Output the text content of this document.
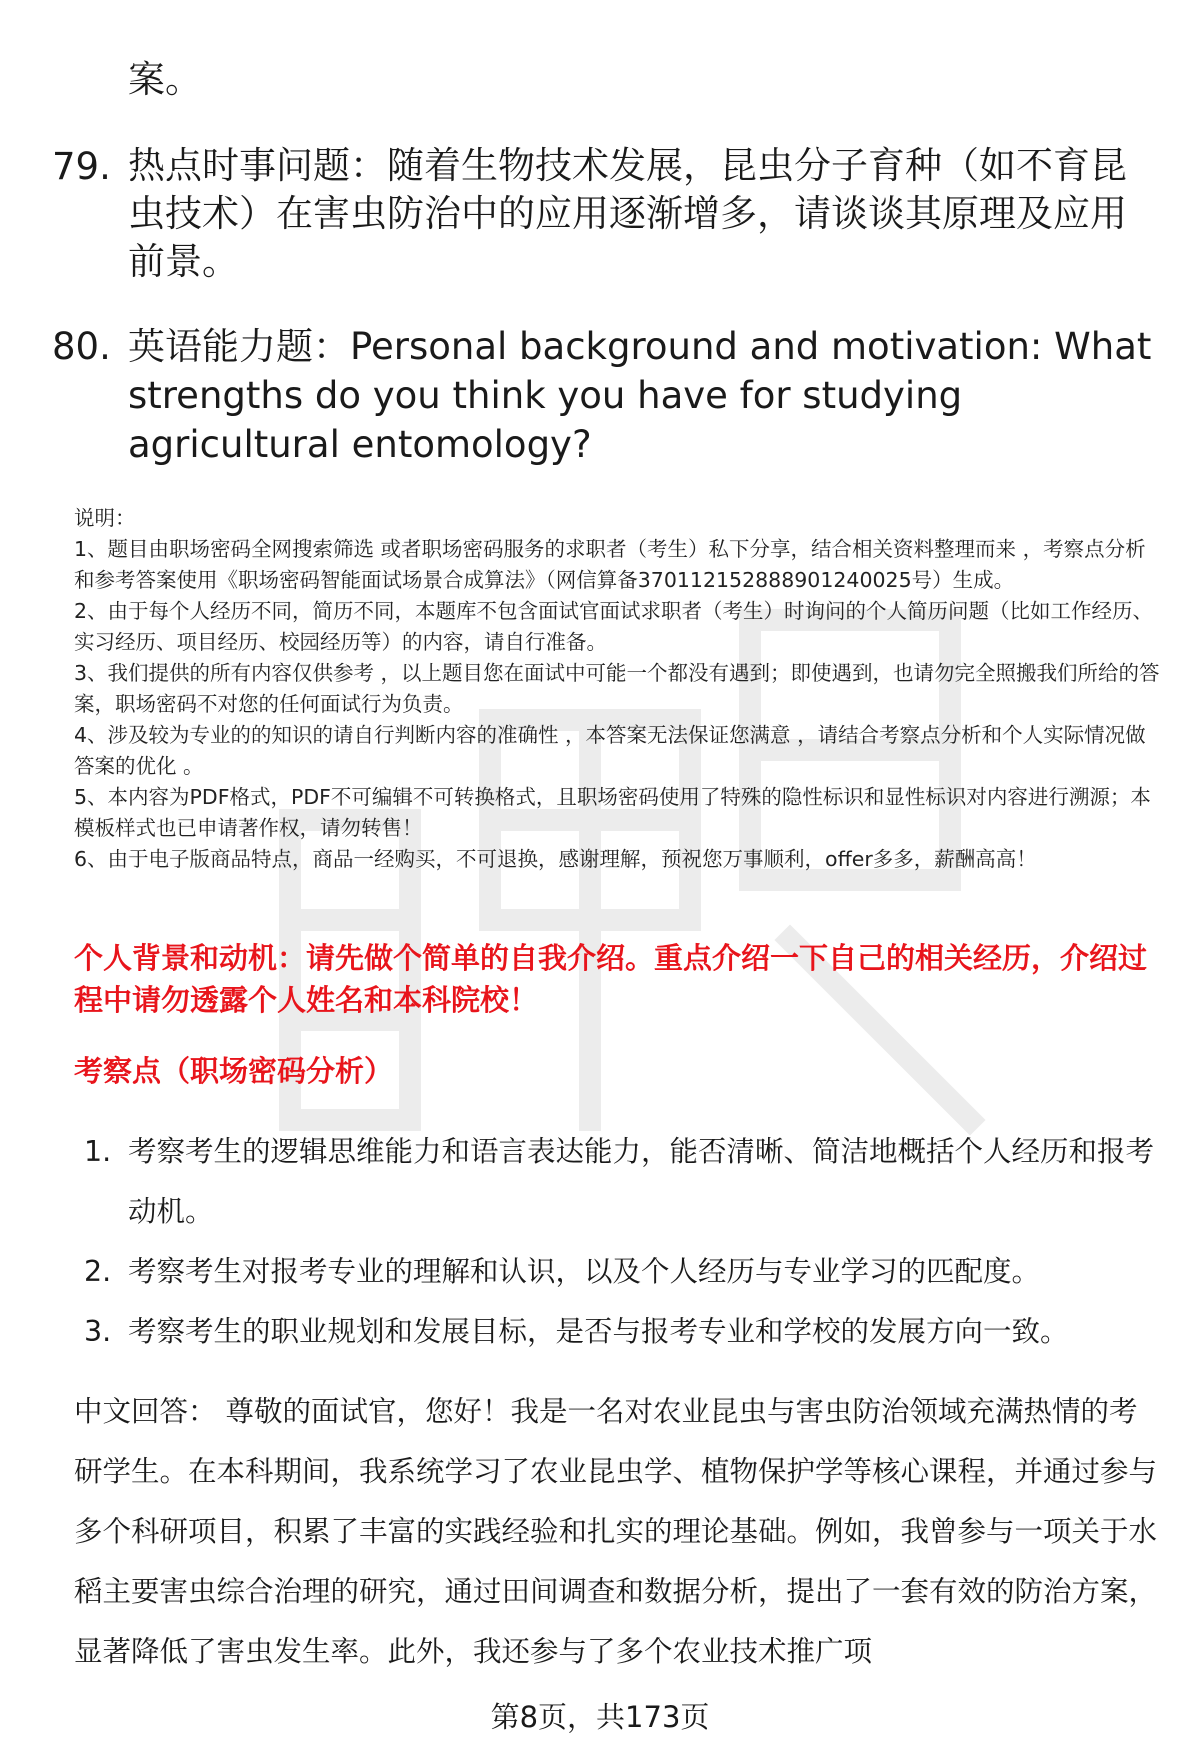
案。
79. 热点时事问题：随着生物技术发展，昆虫分子育种（如不育昆虫技术）在害虫防治中的应用逐渐增多，请谈谈其原理及应用前景。
80. 英语能力题：Personal background and motivation: What strengths do you think you have for studying agricultural entomology?

说明：

1、题目由职场密码全网搜索筛选 或者职场密码服务的求职者（考生）私下分享，结合相关资料整理而来 ，考察点分析和参考答案使用《职场密码智能面试场景合成算法》（网信算备370112152888901240025号）生成。

2、由于每个人经历不同，简历不同，本题库不包含面试官面试求职者（考生）时询问的个人简历问题（比如工作经历、实习经历、项目经历、校园经历等）的内容，请自行准备。

3、我们提供的所有内容仅供参考 ，以上题目您在面试中可能一个都没有遇到；即使遇到，也请勿完全照搬我们所给的答案，职场密码不对您的任何面试行为负责。

4、涉及较为专业的的知识的请自行判断内容的准确性 ，本答案无法保证您满意 ，请结合考察点分析和个人实际情况做答案的优化 。

5、本内容为PDF格式，PDF不可编辑不可转换格式，且职场密码使用了特殊的隐性标识和显性标识对内容进行溯源；本模板样式也已申请著作权，请勿转售！

6、由于电子版商品特点，商品一经购买，不可退换，感谢理解，预祝您万事顺利，offer多多，薪酬高高！

个人背景和动机：请先做个简单的自我介绍。重点介绍一下自己的相关经历，介绍过程中请勿透露个人姓名和本科院校！
考察点（职场密码分析）
1. 考察考生的逻辑思维能力和语言表达能力，能否清晰、简洁地概括个人经历和报考动机。
2. 考察考生对报考专业的理解和认识，以及个人经历与专业学习的匹配度。
3. 考察考生的职业规划和发展目标，是否与报考专业和学校的发展方向一致。
中文回答： 尊敬的面试官，您好！我是一名对农业昆虫与害虫防治领域充满热情的考研学生。在本科期间，我系统学习了农业昆虫学、植物保护学等核心课程，并通过参与多个科研项目，积累了丰富的实践经验和扎实的理论基础。例如，我曾参与一项关于水稻主要害虫综合治理的研究，通过田间调查和数据分析，提出了一套有效的防治方案，显著降低了害虫发生率。此外，我还参与了多个农业技术推广项
第8页，共173页
